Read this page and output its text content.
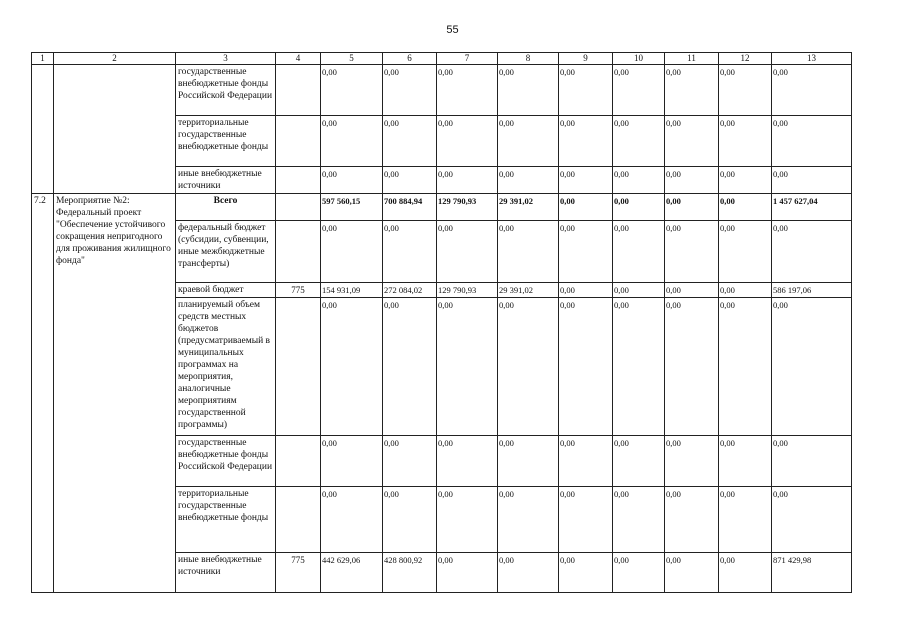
55
1	2	3	4	5	6	7	8	9	10	11	12	13
		государственные внебюджетные фонды Российской Федерации		0,00	0,00	0,00	0,00	0,00	0,00	0,00	0,00	0,00
		территориальные государственные внебюджетные фонды		0,00	0,00	0,00	0,00	0,00	0,00	0,00	0,00	0,00
		иные внебюджетные источники		0,00	0,00	0,00	0,00	0,00	0,00	0,00	0,00	0,00
7.2	Мероприятие №2: Федеральный проект "Обеспечение устойчивого сокращения непригодного для проживания жилищного фонда"	Всего		597 560,15	700 884,94	129 790,93	29 391,02	0,00	0,00	0,00	0,00	1 457 627,04
		федеральный бюджет (субсидии, субвенции, иные межбюджетные трансферты)		0,00	0,00	0,00	0,00	0,00	0,00	0,00	0,00	0,00
		краевой бюджет	775	154 931,09	272 084,02	129 790,93	29 391,02	0,00	0,00	0,00	0,00	586 197,06
		планируемый объем средств местных бюджетов (предусматриваемый в муниципальных программах на мероприятия, аналогичные мероприятиям государственной программы)		0,00	0,00	0,00	0,00	0,00	0,00	0,00	0,00	0,00
		государственные внебюджетные фонды Российской Федерации		0,00	0,00	0,00	0,00	0,00	0,00	0,00	0,00	0,00
		территориальные государственные внебюджетные фонды		0,00	0,00	0,00	0,00	0,00	0,00	0,00	0,00	0,00
		иные внебюджетные источники	775	442 629,06	428 800,92	0,00	0,00	0,00	0,00	0,00	0,00	871 429,98
